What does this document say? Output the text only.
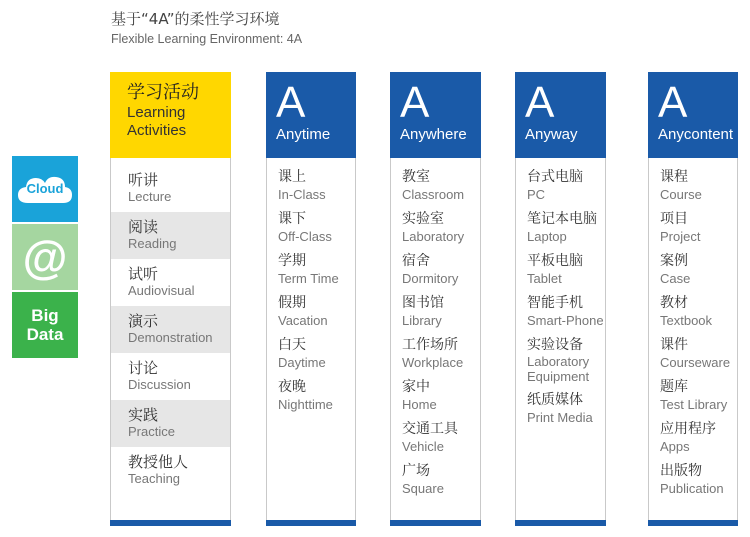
基于“4A”的柔性学习环境
Flexible Learning Environment: 4A
Cloud
@
Big
Data
学习活动
Learning
Activities
听讲
Lecture
阅读
Reading
试听
Audiovisual
演示
Demonstration
讨论
Discussion
实践
Practice
教授他人
Teaching
A
Anytime
课上
In-Class
课下
Off-Class
学期
Term Time
假期
Vacation
白天
Daytime
夜晚
Nighttime
A
Anywhere
教室
Classroom
实验室
Laboratory
宿舍
Dormitory
图书馆
Library
工作场所
Workplace
家中
Home
交通工具
Vehicle
广场
Square
A
Anyway
台式电脑
PC
笔记本电脑
Laptop
平板电脑
Tablet
智能手机
Smart-Phone
实验设备
Laboratory
Equipment
纸质媒体
Print Media
A
Anycontent
课程
Course
项目
Project
案例
Case
教材
Textbook
课件
Courseware
题库
Test Library
应用程序
Apps
出版物
Publication
